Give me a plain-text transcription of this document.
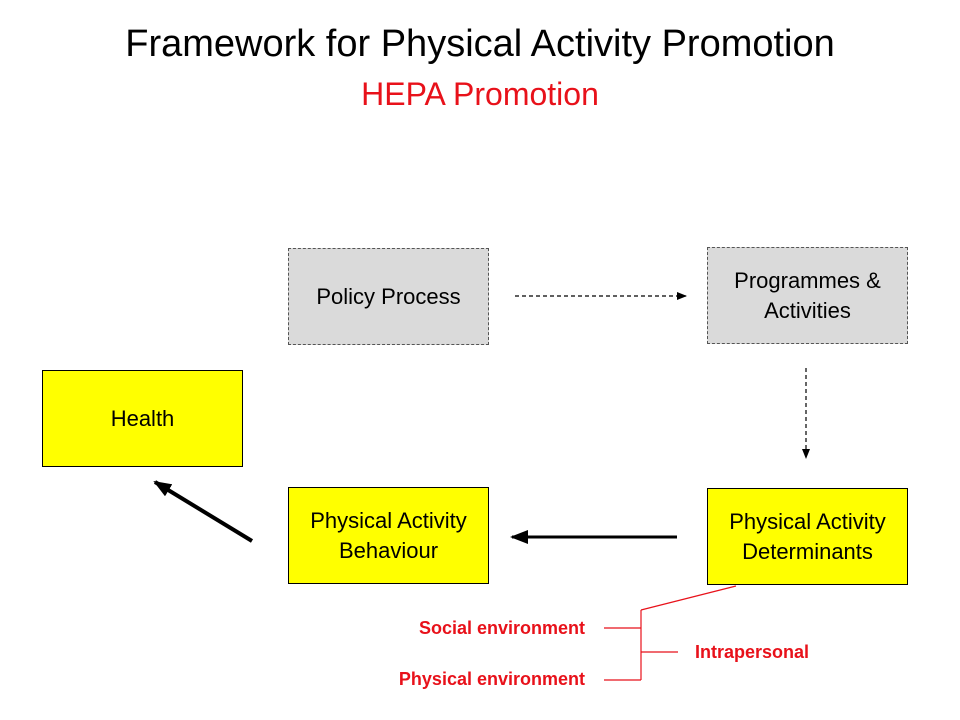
Framework for Physical Activity Promotion
HEPA Promotion
Policy Process
Programmes &
Activities
Health
Physical Activity
Behaviour
Physical Activity
Determinants
Social environment
Physical environment
Intrapersonal
